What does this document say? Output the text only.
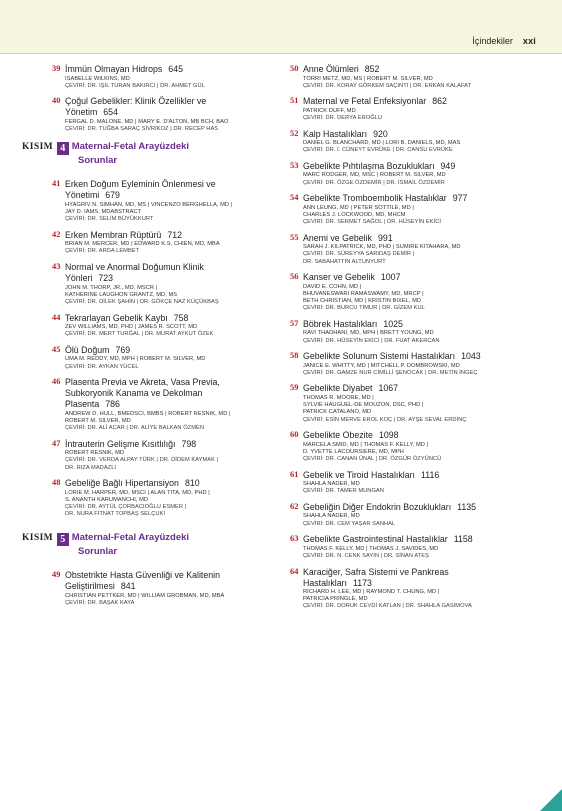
İçindekiler xxi
39 İmmün Olmayan Hidrops 645
ISABELLE WILKINS, MD
ÇEVİRİ: DR. IŞIL TURAN BAKIRCI | DR. AHMET GÜL
40 Çoğul Gebelikler: Klinik Özellikler ve
Yönetim 654
FERGAL D. MALONE, MD | MARY E. D'ALTON, MB BCH, BAO
ÇEVİRİ: DR. TUĞBA SARAÇ SİVRİKOZ | DR. RECEP HAS
KISIM 4 Maternal-Fetal Arayüzdeki
Sorunlar
41 Erken Doğum Eyleminin Önlenmesi ve
Yönetimi 679
HYAGRIV N. SIMHAN, MD, MS | VINCENZO BERGHELLA, MD |
JAY D. IAMS, MDABSTRACT
ÇEVİRİ: DR. SELİM BÜYÜKKURT
42 Erken Membran Rüptürü 712
BRIAN M. MERCER, MD | EDWARD K.S. CHIEN, MD, MBA
ÇEVİRİ: DR. ARDA LEMBET
43 Normal ve Anormal Doğumun Klinik
Yönleri 723
JOHN M. THORP, JR., MD, MSCR |
KATHERINE LAUGHON GRANTZ, MD, MS
ÇEVİRİ: DR. DİLEK ŞAHİN | DR. GÖKÇE NAZ KÜÇÜKBAŞ
44 Tekrarlayan Gebelik Kaybı 758
ZEV WILLIAMS, MD, PHD | JAMES R. SCOTT, MD
ÇEVİRİ: DR. MERT TURĞAL | DR. MURAT AYKUT ÖZEK
45 Ölü Doğum 769
UMA M. REDDY, MD, MPH | ROBERT M. SILVER, MD
ÇEVİRİ: DR. AYKAN YÜCEL
46 Plasenta Previa ve Akreta, Vasa Previa,
Subkoryonik Kanama ve Dekolman
Plasenta 786
ANDREW D. HULL, BMEDSCI, BMBS | ROBERT RESNIK, MD |
ROBERT M. SILVER, MD
ÇEVİRİ: DR. ALİ ACAR | DR. ALİYE BALKAN ÖZMEN
47 İntrauterin Gelişme Kısıtlılığı 798
ROBERT RESNIK, MD
ÇEVİRİ: DR. VERDA ALPAY TÜRK | DR. DİDEM KAYMAK |
DR. RIZA MADAZLI
48 Gebeliğe Bağlı Hipertansiyon 810
LORIE M. HARPER, MD, MSCI | ALAN TITA, MD, PHD |
S. ANANTH KARUMANCHI, MD
ÇEVİRİ: DR. AYTÜL ÇORBACIOĞLU ESMER |
DR. NURA FİTNAT TOPBAŞ SELÇUKİ
KISIM 5 Maternal-Fetal Arayüzdeki
Sorunlar
49 Obstetrikte Hasta Güvenliği ve Kalitenin
Geliştirilmesi 841
CHRISTIAN PETTKER, MD | WILLIAM GROBMAN, MD, MBA
ÇEVİRİ: DR. BAŞAK KAYA
50 Anne Ölümleri 852
TORRI METZ, MD, MS | ROBERT M. SILVER, MD
ÇEVİRİ: DR. KORAY GÖRKEM SAÇINTI | DR. ERKAN KALAFAT
51 Maternal ve Fetal Enfeksiyonlar 862
PATRICK DUFF, MD
ÇEVİRİ: DR. DERYA EROĞLU
52 Kalp Hastalıkları 920
DANIEL G. BLANCHARD, MD | LORI B. DANIELS, MD, MAS
ÇEVİRİ: DR. İ. CÜNEYT EVRÜKE | DR. CANSU EVRÜKE
53 Gebelikte Pıhtılaşma Bozuklukları 949
MARC RODGER, MD, MSC | ROBERT M. SILVER, MD
ÇEVİRİ: DR. ÖZGE ÖZDEMİR | DR. İSMAİL ÖZDEMİR
54 Gebelikte Tromboembolik Hastalıklar 977
ANN LEUNG, MD | PETER SOTTILE, MD |
CHARLES J. LOCKWOOD, MD, MHCM
ÇEVİRİ: DR. SERMET SAĞOL | DR. HÜSEYİN EKİCİ
55 Anemi ve Gebelik 991
SARAH J. KILPATRICK, MD, PHD | SUMIRE KITAHARA, MD
ÇEVİRİ: DR. SÜREYYA SARIDAŞ DEMİR |
DR. SABAHATTİN ALTUNYURT
56 Kanser ve Gebelik 1007
DAVID E. COHN, MD |
BHUVANESWARI RAMASWAMY, MD, MRCP |
BETH CHRISTIAN, MD | KRISTIN BIXEL, MD
ÇEVİRİ: DR. BURCU TİMUR | DR. GİZEM KUL
57 Böbrek Hastalıkları 1025
RAVI THADHANI, MD, MPH | BRETT YOUNG, MD
ÇEVİRİ: DR. HÜSEYİN EKİCİ | DR. FUAT AKERCAN
58 Gebelikte Solunum Sistemi Hastalıkları 1043
JANICE E. WHITTY, MD | MITCHELL P. DOMBROWSKI, MD
ÇEVİRİ: DR. GAMZE NUR CİMİLLİ ŞENOCAK | DR. METİN İNGEÇ
59 Gebelikte Diyabet 1067
THOMAS R. MOORE, MD |
SYLVIE HAUGUEL-DE MOUZON, DSC, PHD |
PATRICK CATALANO, MD
ÇEVİRİ: ESİN MERVE EROL KOÇ | DR. AYŞE SEVAL ERDİNÇ
60 Gebelikte Obezite 1098
MARCELA SMID, MD | THOMAS F. KELLY, MD |
D. YVETTE LACOURSIERE, MD, MPH
ÇEVİRİ: DR. CANAN ÜNAL | DR. ÖZGÜR ÖZYÜNCÜ
61 Gebelik ve Tiroid Hastalıkları 1116
SHAHLA NADER, MD
ÇEVİRİ: DR. TAMER MUNGAN
62 Gebeliğin Diğer Endokrin Bozuklukları 1135
SHAHLA NADER, MD
ÇEVİRİ: DR. CEM YAŞAR SANHAL
63 Gebelikte Gastrointestinal Hastalıklar 1158
THOMAS F. KELLY, MD | THOMAS J. SAVIDES, MD
ÇEVİRİ: DR. N. CENK SAYIN | DR. SİNAN ATEŞ
64 Karaciğer, Safra Sistemi ve Pankreas
Hastalıkları 1173
RICHARD H. LEE, MD | RAYMOND T. CHUNG, MD |
PATRICIA PRINGLE, MD
ÇEVİRİ: DR. DORUK CEVDİ KATLAN | DR. SHAHLA GASIMOVA
